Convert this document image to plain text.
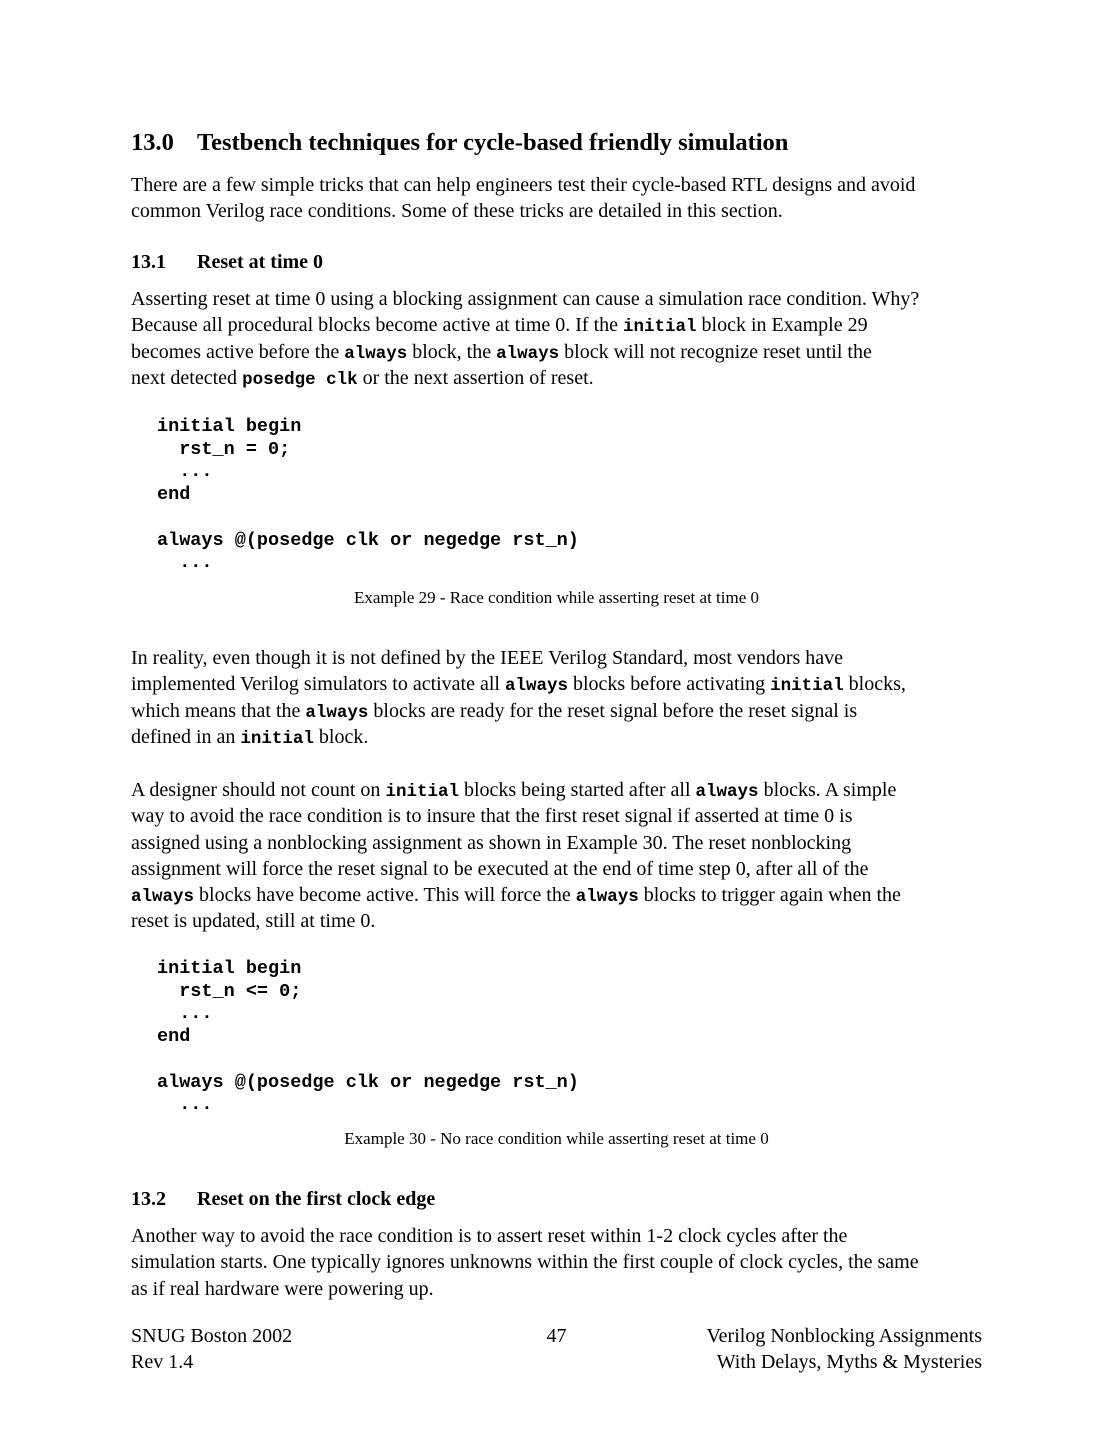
13.0 Testbench techniques for cycle-based friendly simulation
There are a few simple tricks that can help engineers test their cycle-based RTL designs and avoid
common Verilog race conditions. Some of these tricks are detailed in this section.
13.1 Reset at time 0
Asserting reset at time 0 using a blocking assignment can cause a simulation race condition. Why?
Because all procedural blocks become active at time 0. If the initial block in Example 29
becomes active before the always block, the always block will not recognize reset until the
next detected posedge clk or the next assertion of reset.
initial begin
rst_n = 0;
...
end

always @(posedge clk or negedge rst_n)
...
Example 29 - Race condition while asserting reset at time 0
In reality, even though it is not defined by the IEEE Verilog Standard, most vendors have
implemented Verilog simulators to activate all always blocks before activating initial blocks,
which means that the always blocks are ready for the reset signal before the reset signal is
defined in an initial block.
A designer should not count on initial blocks being started after all always blocks. A simple
way to avoid the race condition is to insure that the first reset signal if asserted at time 0 is
assigned using a nonblocking assignment as shown in Example 30. The reset nonblocking
assignment will force the reset signal to be executed at the end of time step 0, after all of the
always blocks have become active. This will force the always blocks to trigger again when the
reset is updated, still at time 0.
initial begin
rst_n <= 0;
...
end

always @(posedge clk or negedge rst_n)
...
Example 30 - No race condition while asserting reset at time 0
13.2 Reset on the first clock edge
Another way to avoid the race condition is to assert reset within 1-2 clock cycles after the
simulation starts. One typically ignores unknowns within the first couple of clock cycles, the same
as if real hardware were powering up.
SNUG Boston 2002
Rev 1.4
47	Verilog Nonblocking Assignments
With Delays, Myths & Mysteries
